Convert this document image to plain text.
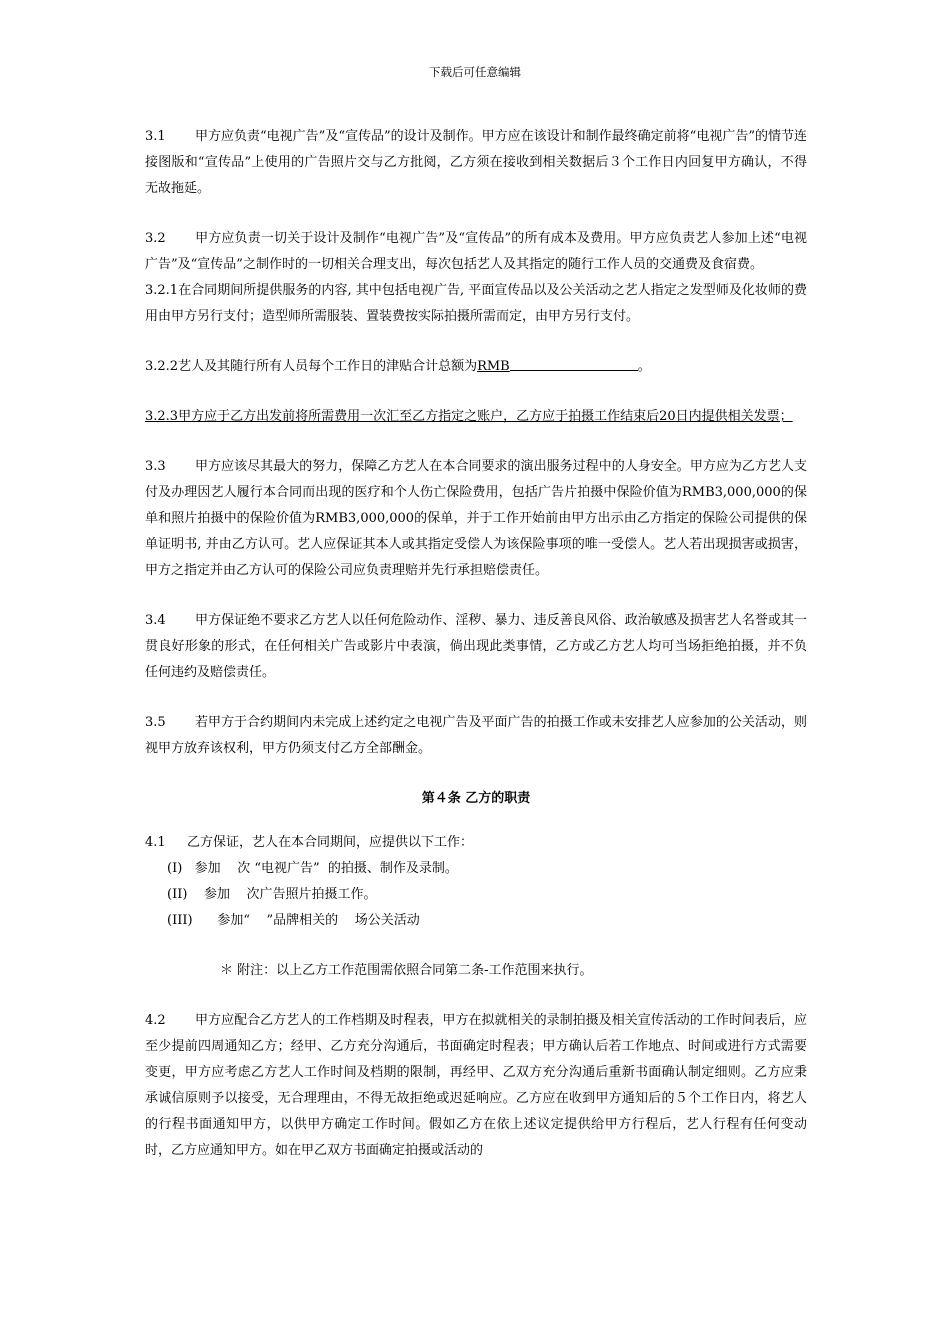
下载后可任意编辑

3.1 甲方应负责“电视广告”及“宣传品”的设计及制作。甲方应在该设计和制作最终确定前将“电视广告”的情节连接图版和“宣传品”上使用的广告照片交与乙方批阅，乙方须在接收到相关数据后３个工作日内回复甲方确认，不得无故拖延。

3.2 甲方应负责一切关于设计及制作“电视广告”及“宣传品”的所有成本及费用。甲方应负责艺人参加上述“电视广告”及“宣传品”之制作时的一切相关合理支出，每次包括艺人及其指定的随行工作人员的交通费及食宿费。

3.2.1在合同期间所提供服务的内容, 其中包括电视广告, 平面宣传品以及公关活动之艺人指定之发型师及化妆师的费用由甲方另行支付；造型师所需服装、置装费按实际拍摄所需而定，由甲方另行支付。

3.2.2艺人及其随行所有人员每个工作日的津贴合计总额为RMB	。

3.2.3甲方应于乙方出发前将所需费用一次汇至乙方指定之账户，乙方应于拍摄工作结束后20日内提供相关发票；

3.3 甲方应该尽其最大的努力，保障乙方艺人在本合同要求的演出服务过程中的人身安全。甲方应为乙方艺人支付及办理因艺人履行本合同而出现的医疗和个人伤亡保险费用，包括广告片拍摄中保险价值为RMB3,000,000的保单和照片拍摄中的保险价值为RMB3,000,000的保单，并于工作开始前由甲方出示由乙方指定的保险公司提供的保单证明书, 并由乙方认可。艺人应保证其本人或其指定受偿人为该保险事项的唯一受偿人。艺人若出现损害或损害，甲方之指定并由乙方认可的保险公司应负责理赔并先行承担赔偿责任。

3.4 甲方保证绝不要求乙方艺人以任何危险动作、淫秽、暴力、违反善良风俗、政治敏感及损害艺人名誉或其一贯良好形象的形式，在任何相关广告或影片中表演，倘出现此类事情，乙方或乙方艺人均可当场拒绝拍摄，并不负任何违约及赔偿责任。

3.5 若甲方于合约期间内未完成上述约定之电视广告及平面广告的拍摄工作或未安排艺人应参加的公关活动，则视甲方放弃该权利，甲方仍须支付乙方全部酬金。

第４条 乙方的职责
4.1 乙方保证，艺人在本合同期间，应提供以下工作：
(I)   参加    次 “电视广告”  的拍摄、制作及录制。
(II)    参加    次广告照片拍摄工作。
(III)      参加“    ”品牌相关的    场公关活动
＊ 附注：以上乙方工作范围需依照合同第二条-工作范围来执行。

4.2 甲方应配合乙方艺人的工作档期及时程表，甲方在拟就相关的录制拍摄及相关宣传活动的工作时间表后，应至少提前四周通知乙方；经甲、乙方充分沟通后，书面确定时程表；甲方确认后若工作地点、时间或进行方式需要变更，甲方应考虑乙方艺人工作时间及档期的限制，再经甲、乙双方充分沟通后重新书面确认制定细则。乙方应秉承诚信原则予以接受，无合理理由，不得无故拒绝或迟延响应。乙方应在收到甲方通知后的５个工作日内，将艺人的行程书面通知甲方，以供甲方确定工作时间。假如乙方在依上述议定提供给甲方行程后，艺人行程有任何变动时，乙方应通知甲方。如在甲乙双方书面确定拍摄或活动的
